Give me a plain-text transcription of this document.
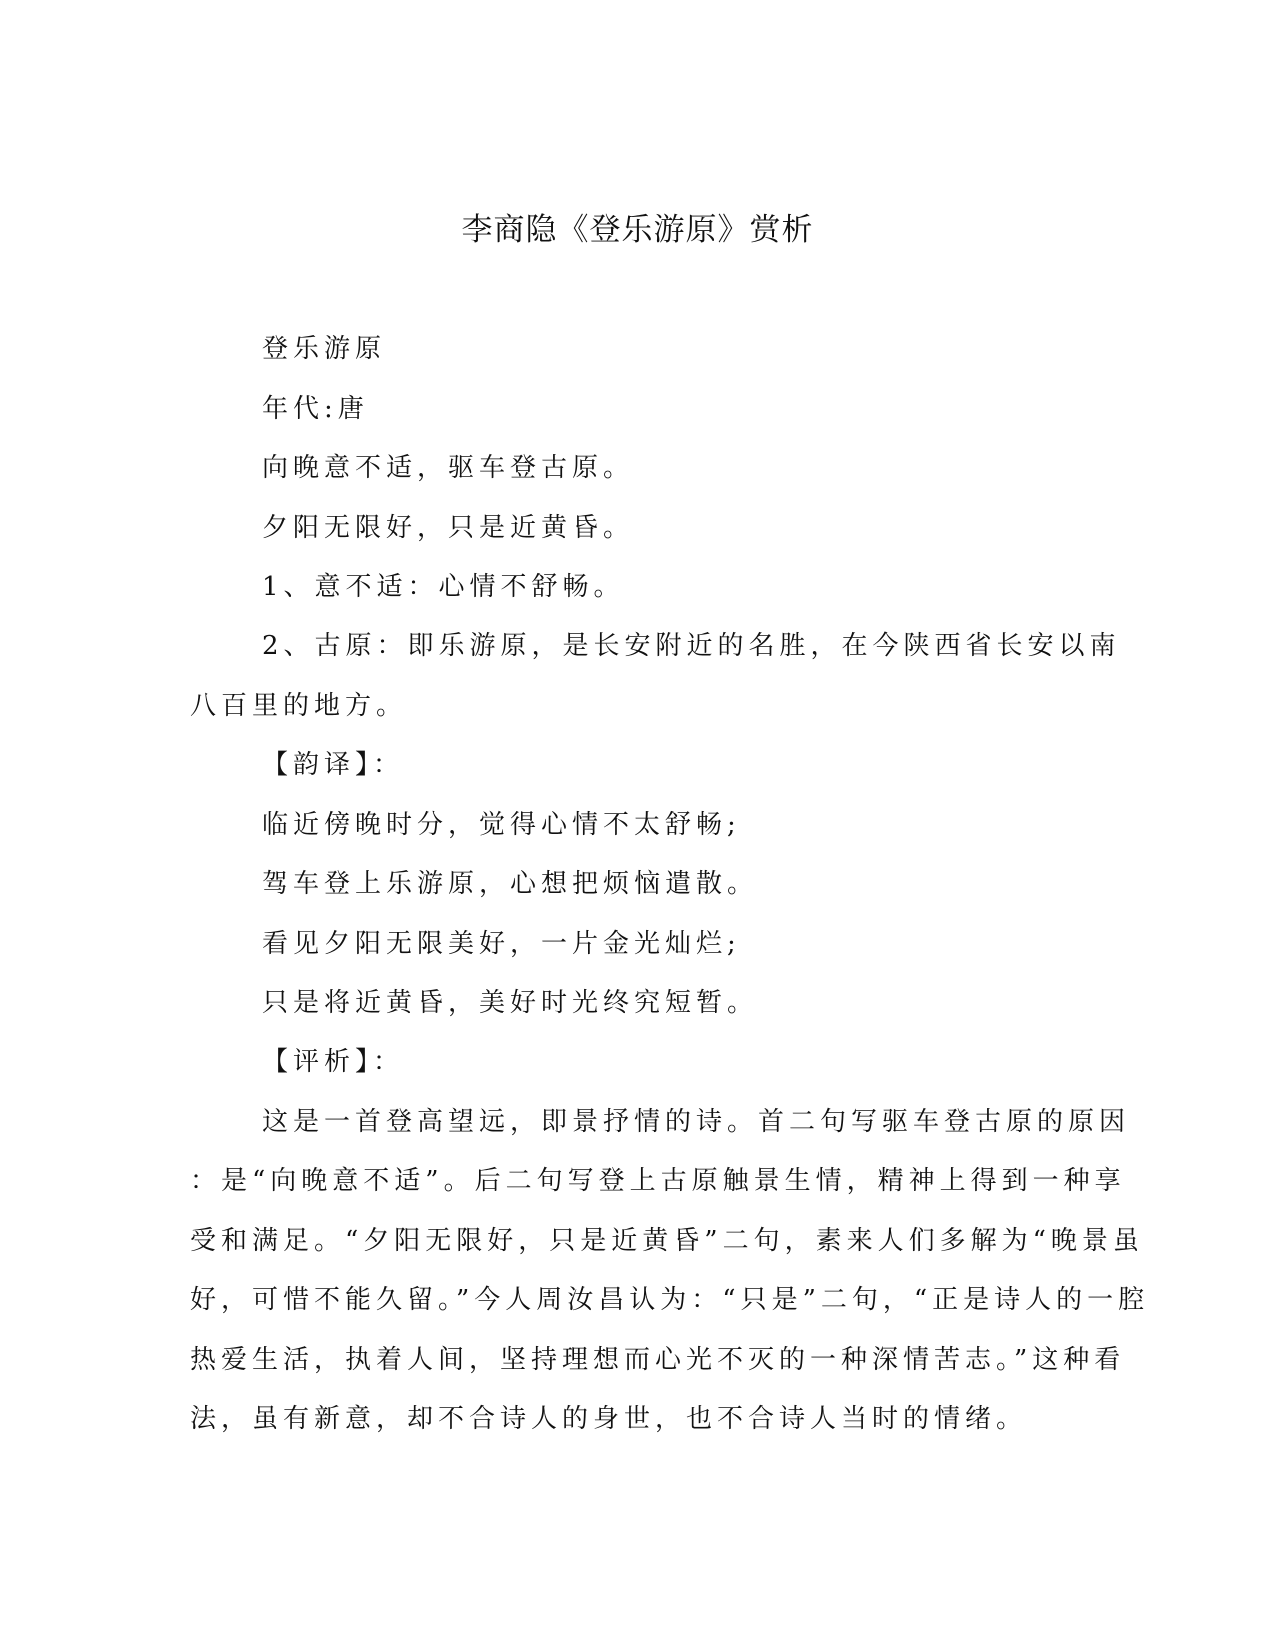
李商隐《登乐游原》赏析
登乐游原
年代:唐
向晚意不适，驱车登古原。
夕阳无限好，只是近黄昏。
1、意不适：心情不舒畅。
2、古原：即乐游原，是长安附近的名胜，在今陕西省长安以南
八百里的地方。
【韵译】：
临近傍晚时分，觉得心情不太舒畅;
驾车登上乐游原，心想把烦恼遣散。
看见夕阳无限美好，一片金光灿烂;
只是将近黄昏，美好时光终究短暂。
【评析】：
这是一首登高望远，即景抒情的诗。首二句写驱车登古原的原因
：是“向晚意不适”。后二句写登上古原触景生情，精神上得到一种享
受和满足。“夕阳无限好，只是近黄昏”二句，素来人们多解为“晚景虽
好，可惜不能久留。”今人周汝昌认为：“只是”二句，“正是诗人的一腔
热爱生活，执着人间，坚持理想而心光不灭的一种深情苦志。”这种看
法，虽有新意，却不合诗人的身世，也不合诗人当时的情绪。
